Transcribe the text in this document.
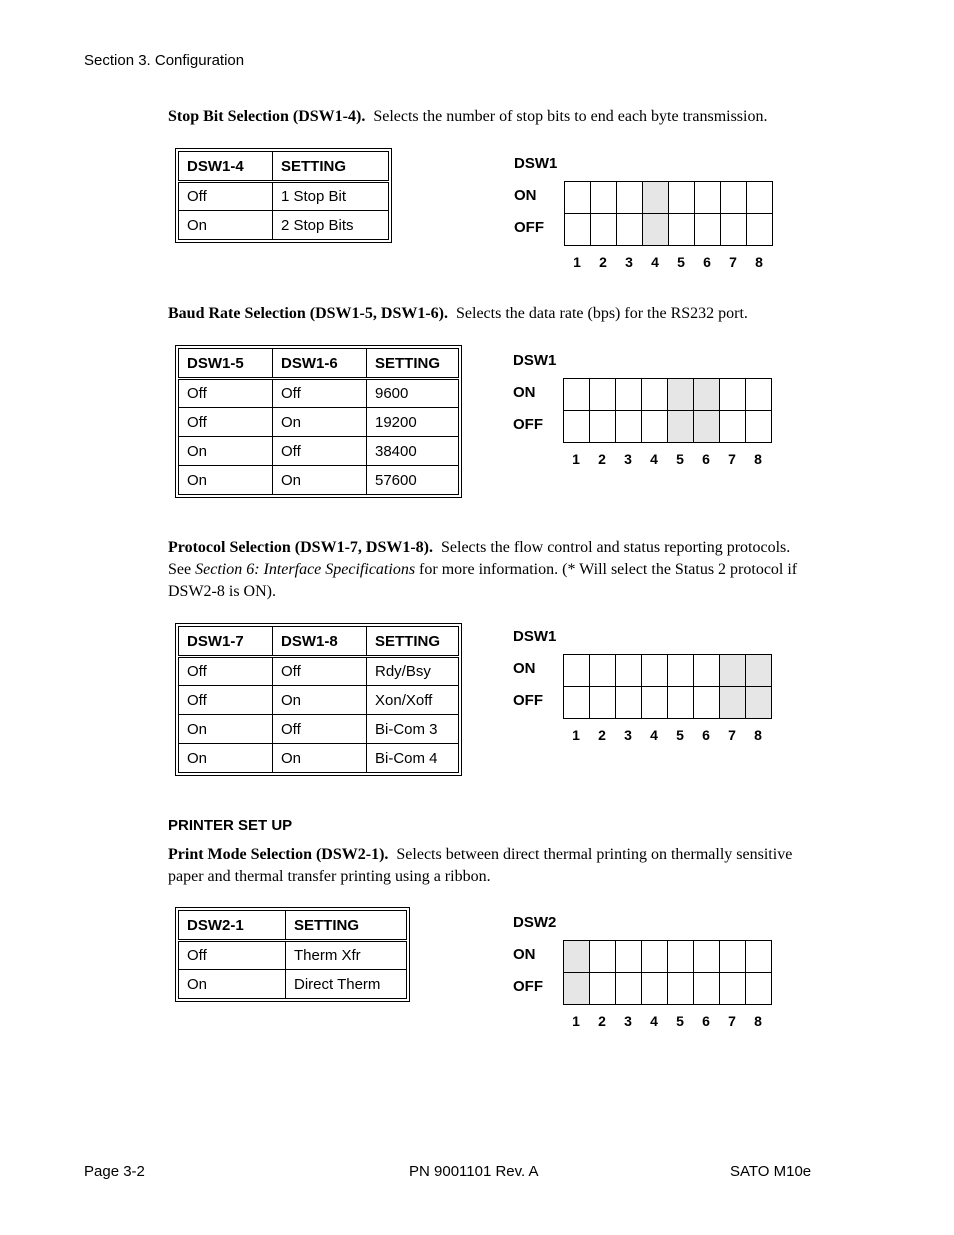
Section 3. Configuration
Stop Bit Selection (DSW1-4). Selects the number of stop bits to end each byte transmission.
DSW1-4	SETTING
Off	1 Stop Bit
On	2 Stop Bits
DSW1
ON
OFF
1	2	3	4	5	6	7	8
Baud Rate Selection (DSW1-5, DSW1-6). Selects the data rate (bps) for the RS232 port.
DSW1-5	DSW1-6	SETTING
Off	Off	9600
Off	On	19200
On	Off	38400
On	On	57600
DSW1
ON
OFF
1	2	3	4	5	6	7	8
Protocol Selection (DSW1-7, DSW1-8). Selects the flow control and status reporting protocols. See Section 6: Interface Specifications for more information. (* Will select the Status 2 protocol if DSW2-8 is ON).
DSW1-7	DSW1-8	SETTING
Off	Off	Rdy/Bsy
Off	On	Xon/Xoff
On	Off	Bi-Com 3
On	On	Bi-Com 4
DSW1
ON
OFF
1	2	3	4	5	6	7	8
PRINTER SET UP
Print Mode Selection (DSW2-1). Selects between direct thermal printing on thermally sensitive paper and thermal transfer printing using a ribbon.
DSW2-1	SETTING
Off	Therm Xfr
On	Direct Therm
DSW2
ON
OFF
1	2	3	4	5	6	7	8
Page 3-2	PN 9001101 Rev. A	SATO M10e
